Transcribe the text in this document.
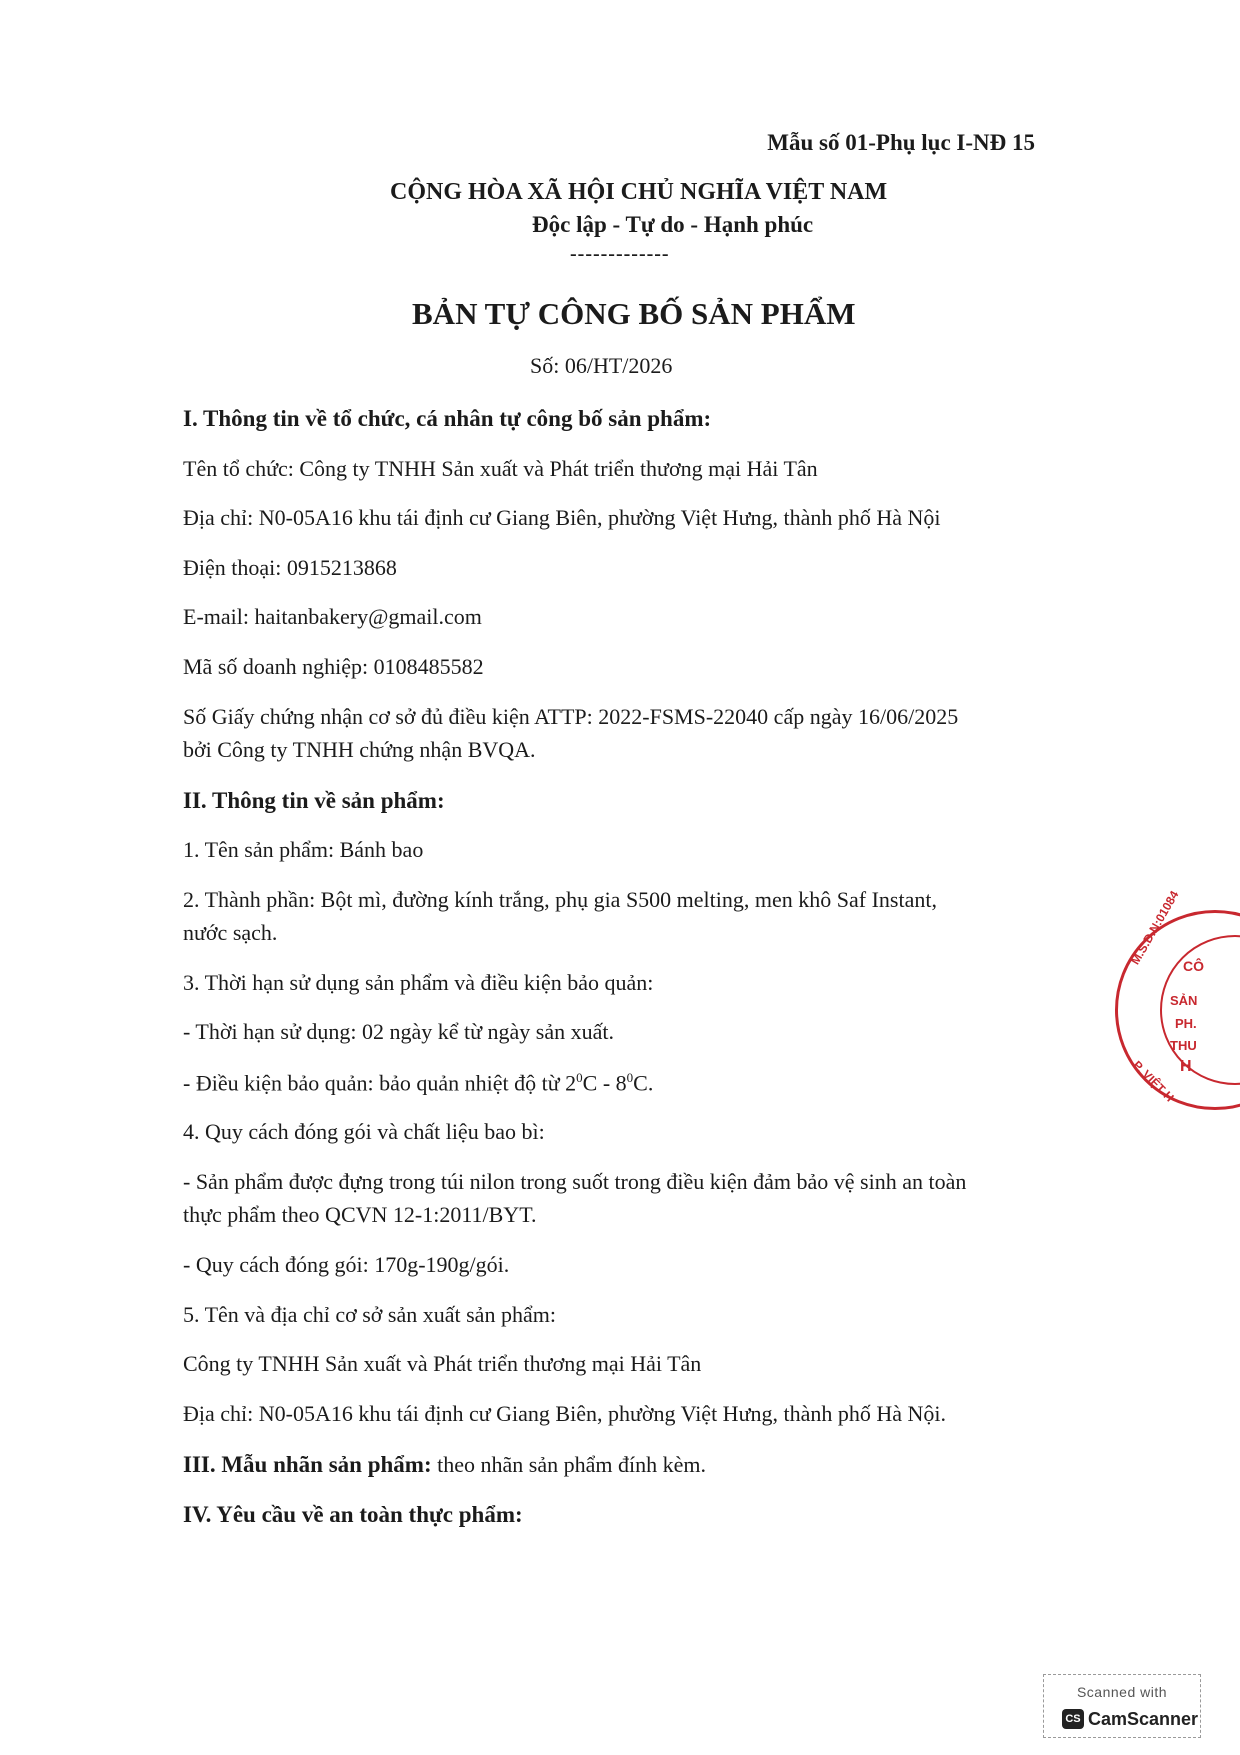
Mẫu số 01-Phụ lục I-NĐ 15
CỘNG HÒA XÃ HỘI CHỦ NGHĨA VIỆT NAM
Độc lập - Tự do - Hạnh phúc
-------------
BẢN TỰ CÔNG BỐ SẢN PHẨM
Số: 06/HT/2026
I. Thông tin về tổ chức, cá nhân tự công bố sản phẩm:
Tên tổ chức: Công ty TNHH Sản xuất và Phát triển thương mại Hải Tân
Địa chỉ: N0-05A16 khu tái định cư Giang Biên, phường Việt Hưng, thành phố Hà Nội
Điện thoại: 0915213868
E-mail: haitanbakery@gmail.com
Mã số doanh nghiệp: 0108485582
Số Giấy chứng nhận cơ sở đủ điều kiện ATTP: 2022-FSMS-22040 cấp ngày 16/06/2025
bởi Công ty TNHH chứng nhận BVQA.
II. Thông tin về sản phẩm:
1. Tên sản phẩm: Bánh bao
2. Thành phần: Bột mì, đường kính trắng, phụ gia S500 melting, men khô Saf Instant,
nước sạch.
3. Thời hạn sử dụng sản phẩm và điều kiện bảo quản:
- Thời hạn sử dụng: 02 ngày kể từ ngày sản xuất.
- Điều kiện bảo quản: bảo quản nhiệt độ từ $2^0C - 8^0C$.
4. Quy cách đóng gói và chất liệu bao bì:
- Sản phẩm được đựng trong túi nilon trong suốt trong điều kiện đảm bảo vệ sinh an toàn
thực phẩm theo QCVN 12-1:2011/BYT.
- Quy cách đóng gói: 170g-190g/gói.
5. Tên và địa chỉ cơ sở sản xuất sản phẩm:
Công ty TNHH Sản xuất và Phát triển thương mại Hải Tân
Địa chỉ: N0-05A16 khu tái định cư Giang Biên, phường Việt Hưng, thành phố Hà Nội.
III. Mẫu nhãn sản phẩm: theo nhãn sản phẩm đính kèm.
IV. Yêu cầu về an toàn thực phẩm:
M.S.D.N:01084 CÔ
SẢN
PH.
THU
H
P. VIỆT H
Scanned with
CS CamScanner
